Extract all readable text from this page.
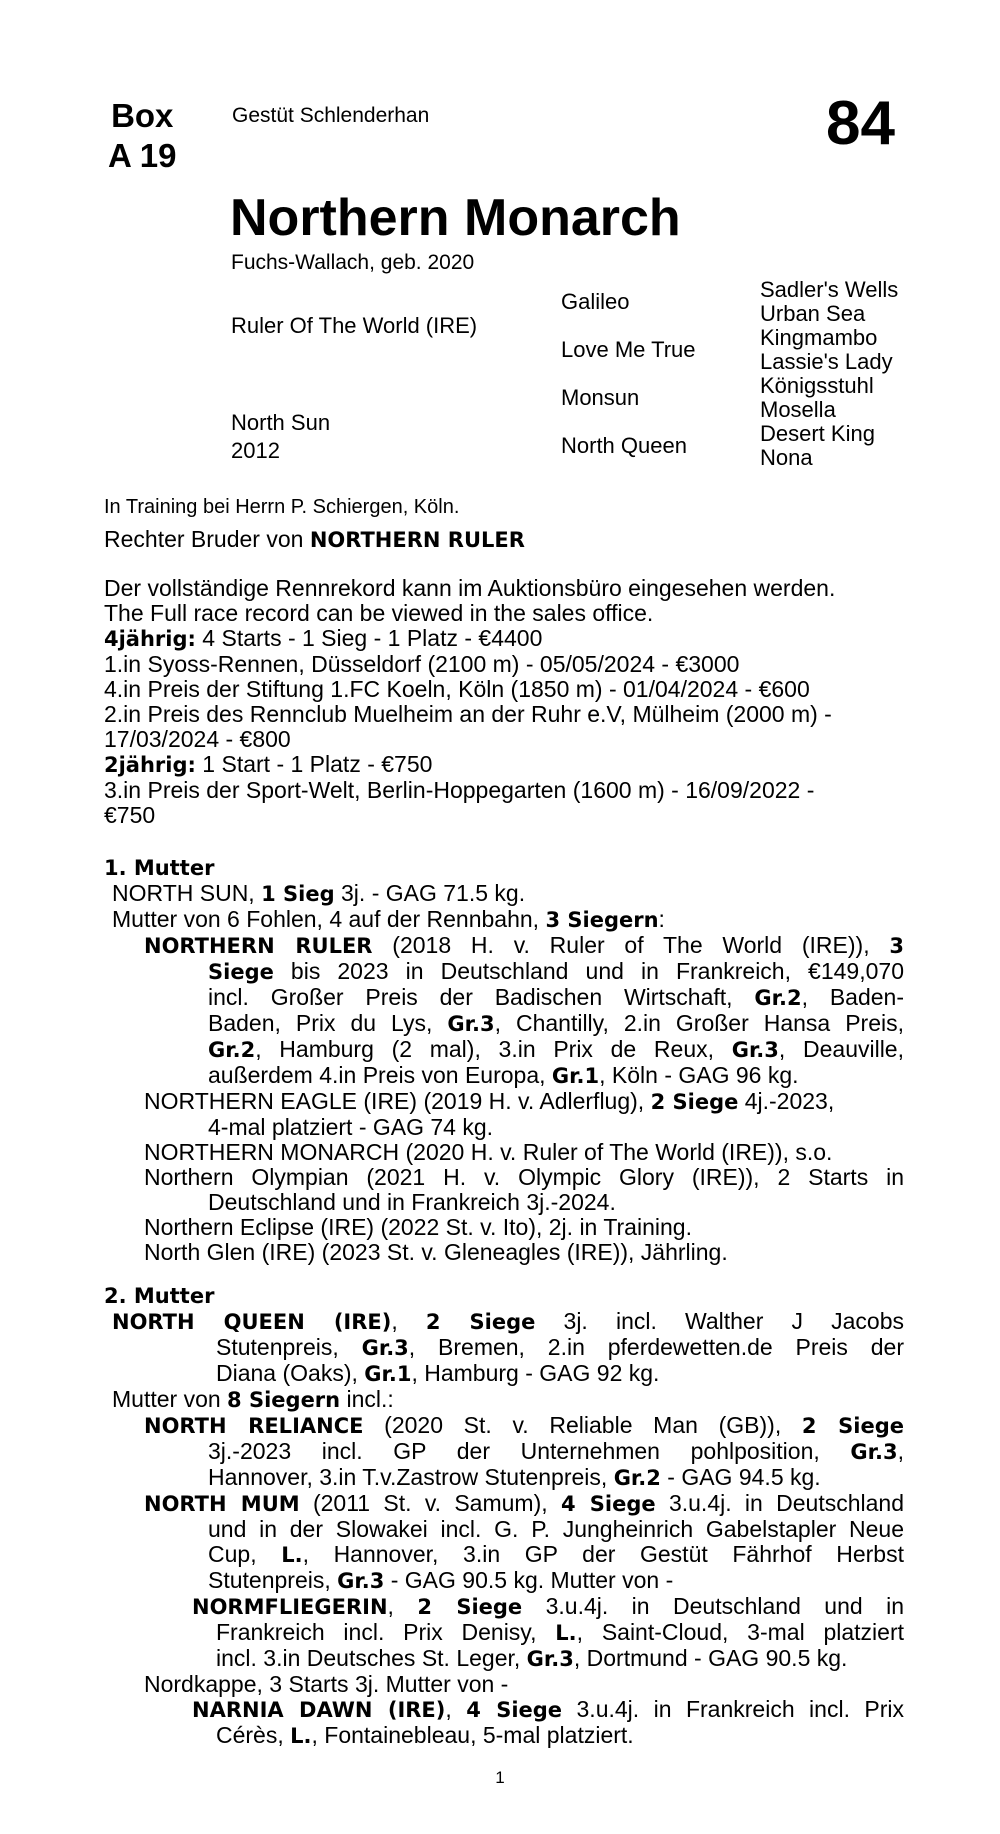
Box
A 19
Gestüt Schlenderhan	84
Northern Monarch
Fuchs-Wallach, geb. 2020
Ruler Of The World (IRE)
North Sun
2012
Galileo
Love Me True
Monsun
North Queen
Sadler's Wells
Urban Sea
Kingmambo
Lassie's Lady
Königsstuhl
Mosella
Desert King
Nona
In Training bei Herrn P. Schiergen, Köln.
Rechter Bruder von NORTHERN RULER

Der vollständige Rennrekord kann im Auktionsbüro eingesehen werden.

The Full race record can be viewed in the sales office.

4jährig: 4 Starts - 1 Sieg - 1 Platz - €4400

1.in Syoss-Rennen, Düsseldorf (2100 m) - 05/05/2024 - €3000

4.in Preis der Stiftung 1.FC Koeln, Köln (1850 m) - 01/04/2024 - €600

2.in Preis des Rennclub Muelheim an der Ruhr e.V, Mülheim (2000 m) -

17/03/2024 - €800

2jährig: 1 Start - 1 Platz - €750

3.in Preis der Sport-Welt, Berlin-Hoppegarten (1600 m) - 16/09/2022 -

€750

1. Mutter

NORTH SUN, 1 Sieg 3j. - GAG 71.5 kg.

Mutter von 6 Fohlen, 4 auf der Rennbahn, 3 Siegern:

NORTHERN RULER (2018 H. v. Ruler of The World (IRE)), 3

Siege bis 2023 in Deutschland und in Frankreich, €149,070

incl. Großer Preis der Badischen Wirtschaft, Gr.2, Baden-

Baden, Prix du Lys, Gr.3, Chantilly, 2.in Großer Hansa Preis,

Gr.2, Hamburg (2 mal), 3.in Prix de Reux, Gr.3, Deauville,

außerdem 4.in Preis von Europa, Gr.1, Köln - GAG 96 kg.

NORTHERN EAGLE (IRE) (2019 H. v. Adlerflug), 2 Siege 4j.-2023,

4-mal platziert - GAG 74 kg.

NORTHERN MONARCH (2020 H. v. Ruler of The World (IRE)), s.o.

Northern Olympian (2021 H. v. Olympic Glory (IRE)), 2 Starts in

Deutschland und in Frankreich 3j.-2024.

Northern Eclipse (IRE) (2022 St. v. Ito), 2j. in Training.

North Glen (IRE) (2023 St. v. Gleneagles (IRE)), Jährling.

2. Mutter

NORTH QUEEN (IRE), 2 Siege 3j. incl. Walther J Jacobs

Stutenpreis, Gr.3, Bremen, 2.in pferdewetten.de Preis der

Diana (Oaks), Gr.1, Hamburg - GAG 92 kg.

Mutter von 8 Siegern incl.:

NORTH RELIANCE (2020 St. v. Reliable Man (GB)), 2 Siege

3j.-2023 incl. GP der Unternehmen pohlposition, Gr.3,

Hannover, 3.in T.v.Zastrow Stutenpreis, Gr.2 - GAG 94.5 kg.

NORTH MUM (2011 St. v. Samum), 4 Siege 3.u.4j. in Deutschland

und in der Slowakei incl. G. P. Jungheinrich Gabelstapler Neue

Cup, L., Hannover, 3.in GP der Gestüt Fährhof Herbst

Stutenpreis, Gr.3 - GAG 90.5 kg. Mutter von -

NORMFLIEGERIN, 2 Siege 3.u.4j. in Deutschland und in

Frankreich incl. Prix Denisy, L., Saint-Cloud, 3-mal platziert

incl. 3.in Deutsches St. Leger, Gr.3, Dortmund - GAG 90.5 kg.

Nordkappe, 3 Starts 3j. Mutter von -

NARNIA DAWN (IRE), 4 Siege 3.u.4j. in Frankreich incl. Prix

Cérès, L., Fontainebleau, 5-mal platziert.

1
